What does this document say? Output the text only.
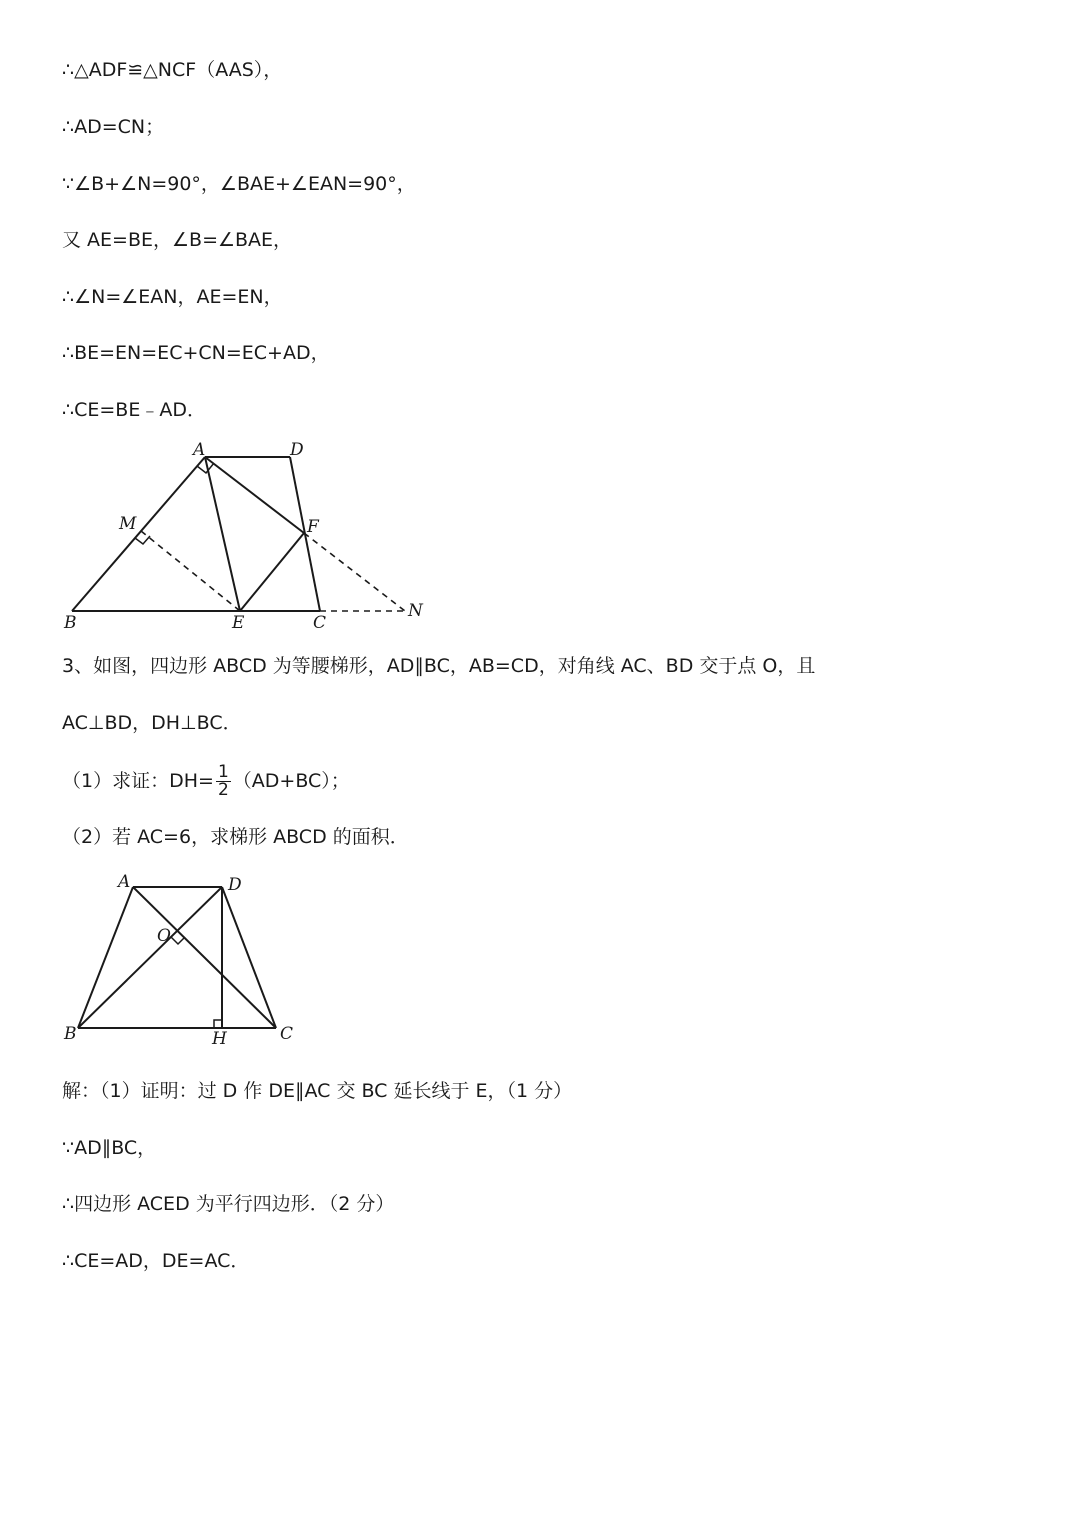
∴△ADF≌△NCF（AAS），
∴AD=CN；
∵∠B+∠N=90°，∠BAE+∠EAN=90°，
又 AE=BE，∠B=∠BAE，
∴∠N=∠EAN，AE=EN，
∴BE=EN=EC+CN=EC+AD，
∴CE=BE﹣AD．
A	D
M	F
B	E	C
N
3、如图，四边形 ABCD 为等腰梯形，AD∥BC，AB=CD，对角线 AC、BD 交于点 O，且
AC⊥BD，DH⊥BC．
（1）求证：$DH= \frac{1}{2} (AD+BC)$；
（2）若 AC=6，求梯形 ABCD 的面积．
A	D
O
B	H	C
解：（1）证明：过 D 作 DE∥AC 交 BC 延长线于 E，（1 分）
∵AD∥BC，
∴四边形 ACED 为平行四边形．（2 分）
∴CE=AD，DE=AC．
